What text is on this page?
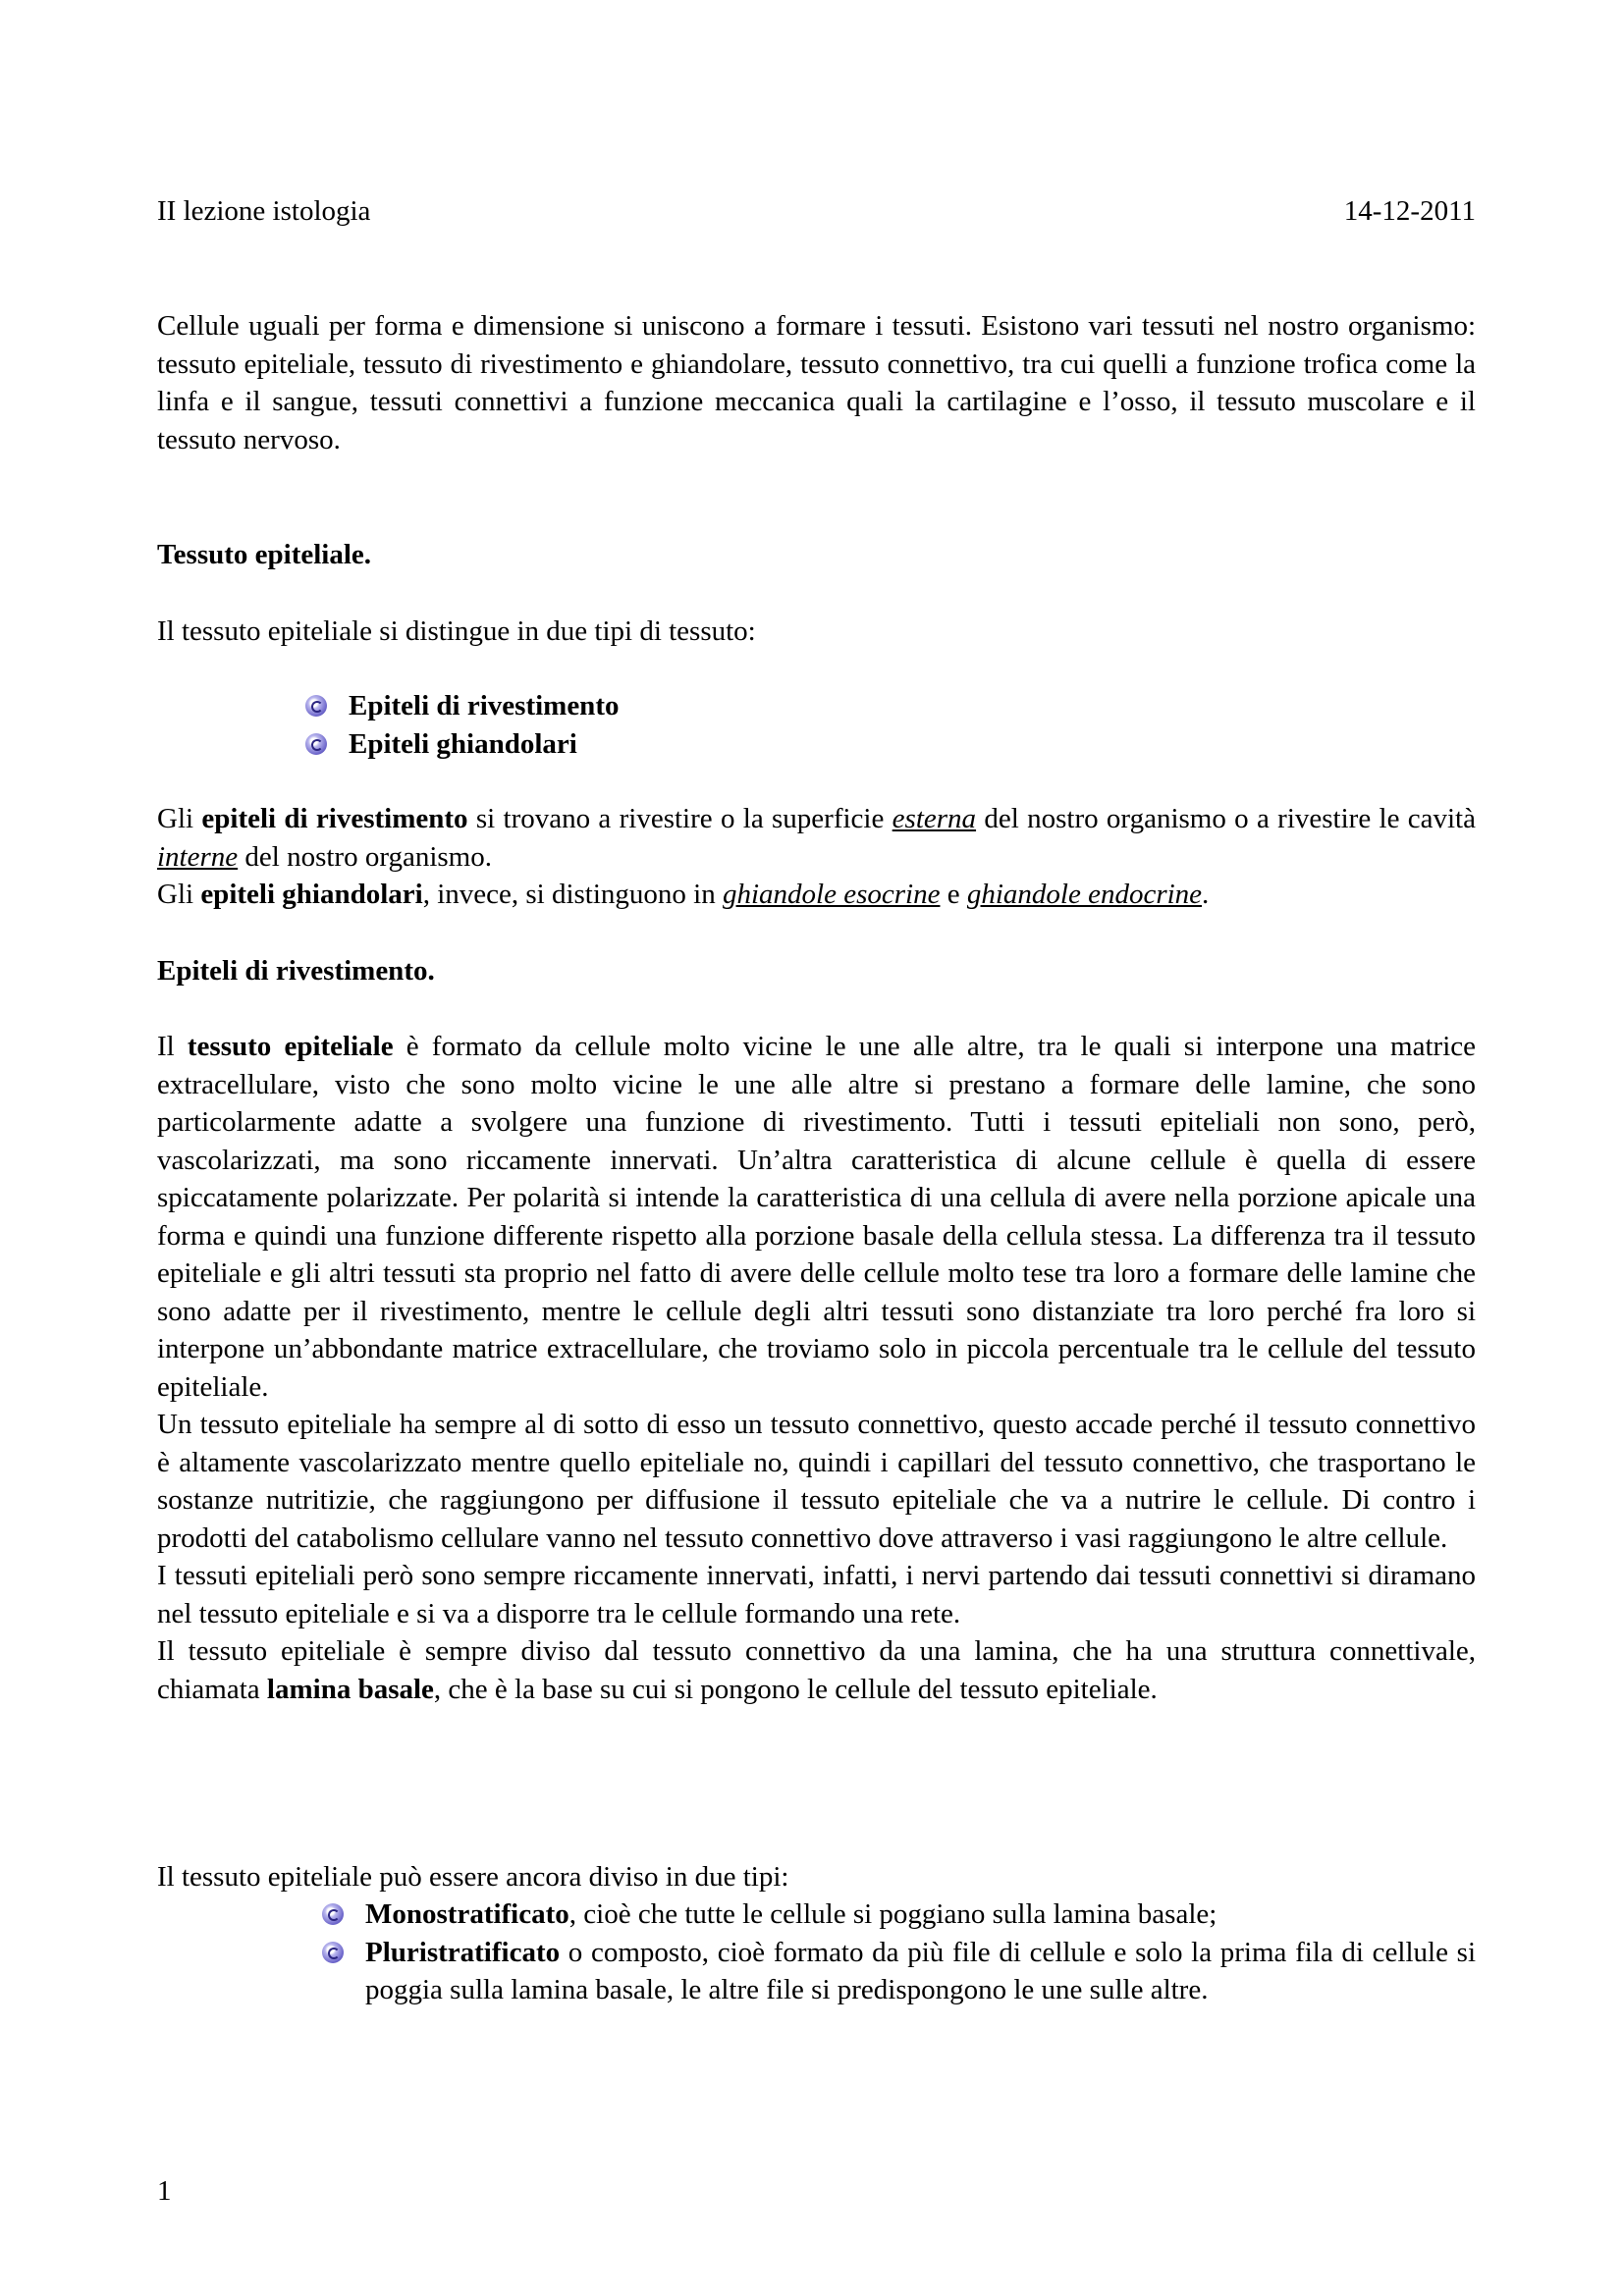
II lezione istologia	14-12-2011

Cellule uguali per forma e dimensione si uniscono a formare i tessuti. Esistono vari tessuti nel nostro organismo: tessuto epiteliale, tessuto di rivestimento e ghiandolare, tessuto connettivo, tra cui quelli a funzione trofica come la linfa e il sangue, tessuti connettivi a funzione meccanica quali la cartilagine e l’osso, il tessuto muscolare e il tessuto nervoso.

Tessuto epiteliale.

Il tessuto epiteliale si distingue in due tipi di tessuto:

Epiteli di rivestimento
Epiteli ghiandolari

Gli epiteli di rivestimento si trovano a rivestire o la superficie esterna del nostro organismo o a rivestire le cavità interne del nostro organismo.

Gli epiteli ghiandolari, invece, si distinguono in ghiandole esocrine e ghiandole endocrine.

Epiteli di rivestimento.

Il tessuto epiteliale è formato da cellule molto vicine le une alle altre, tra le quali si interpone una matrice extracellulare, visto che sono molto vicine le une alle altre si prestano a formare delle lamine, che sono particolarmente adatte a svolgere una funzione di rivestimento. Tutti i tessuti epiteliali non sono, però, vascolarizzati, ma sono riccamente innervati. Un’altra caratteristica di alcune cellule è quella di essere spiccatamente polarizzate. Per polarità si intende la caratteristica di una cellula di avere nella porzione apicale una forma e quindi una funzione differente rispetto alla porzione basale della cellula stessa. La differenza tra il tessuto epiteliale e gli altri tessuti sta proprio nel fatto di avere delle cellule molto tese tra loro a formare delle lamine che sono adatte per il rivestimento, mentre le cellule degli altri tessuti sono distanziate tra loro perché fra loro si interpone un’abbondante matrice extracellulare, che troviamo solo in piccola percentuale tra le cellule del tessuto epiteliale.

Un tessuto epiteliale ha sempre al di sotto di esso un tessuto connettivo, questo accade perché il tessuto connettivo è altamente vascolarizzato mentre quello epiteliale no, quindi i capillari del tessuto connettivo, che trasportano le sostanze nutritizie, che raggiungono per diffusione il tessuto epiteliale che va a nutrire le cellule. Di contro i prodotti del catabolismo cellulare vanno nel tessuto connettivo dove attraverso i vasi raggiungono le altre cellule.

I tessuti epiteliali però sono sempre riccamente innervati, infatti, i nervi partendo dai tessuti connettivi si diramano nel tessuto epiteliale e si va a disporre tra le cellule formando una rete.

Il tessuto epiteliale è sempre diviso dal tessuto connettivo da una lamina, che ha una struttura connettivale, chiamata lamina basale, che è la base su cui si pongono le cellule del tessuto epiteliale.

Il tessuto epiteliale può essere ancora diviso in due tipi:

Monostratificato, cioè che tutte le cellule si poggiano sulla lamina basale;
Pluristratificato o composto, cioè formato da più file di cellule e solo la prima fila di cellule si poggia sulla lamina basale, le altre file si predispongono le une sulle altre.
1
